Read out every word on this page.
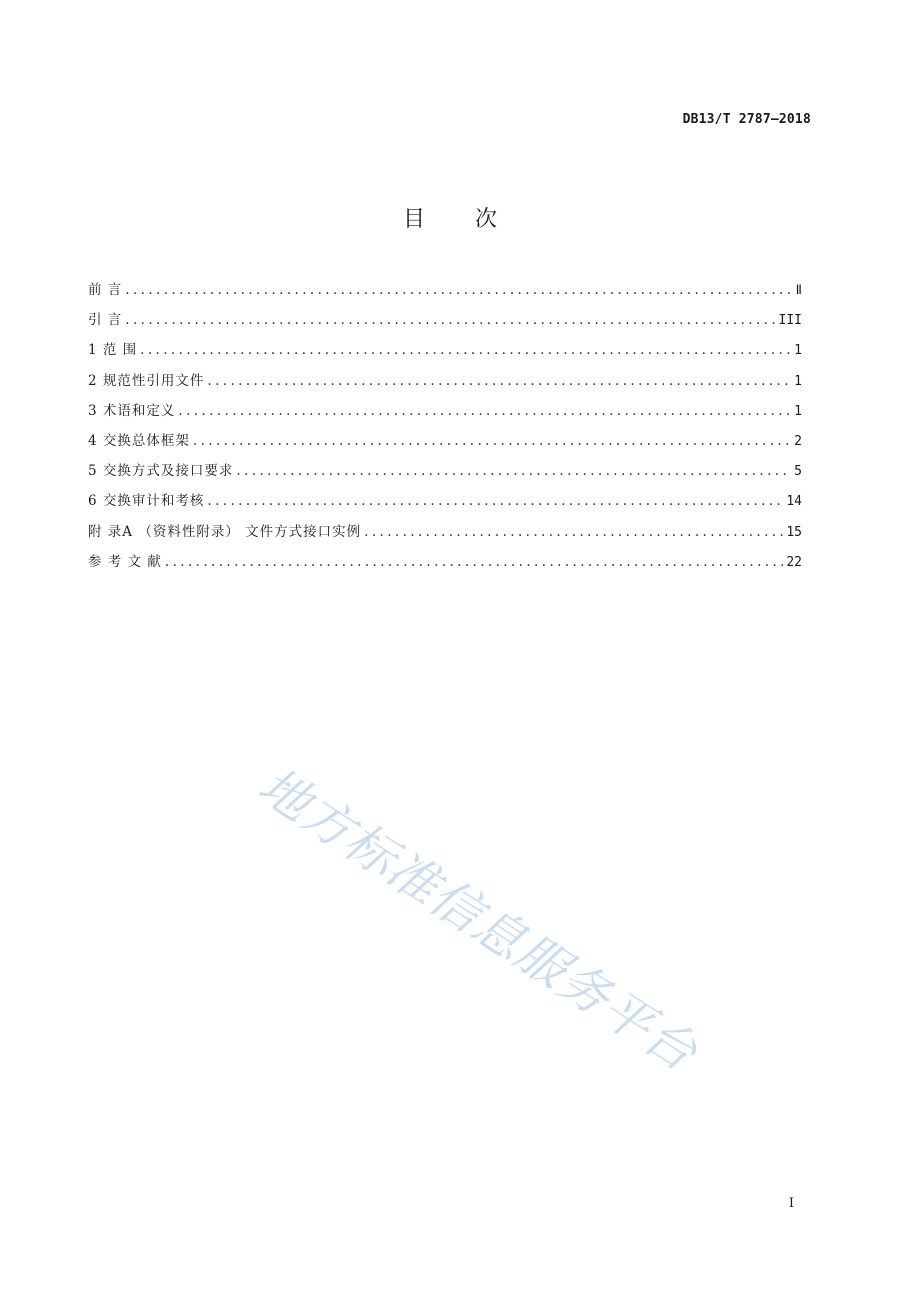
DB13/T 2787—2018
目次
前 言 .....	Ⅱ
引 言 .....	III
1 范 围 .....	1
2 规范性引用文件 .....	1
3 术语和定义 .....	1
4 交换总体框架 .....	2
5 交换方式及接口要求 .....	5
6 交换审计和考核 .....	14
附 录A （资料性附录） 文件方式接口实例 .....	15
参 考 文 献 .....	22
地方标准信息服务平台
I
